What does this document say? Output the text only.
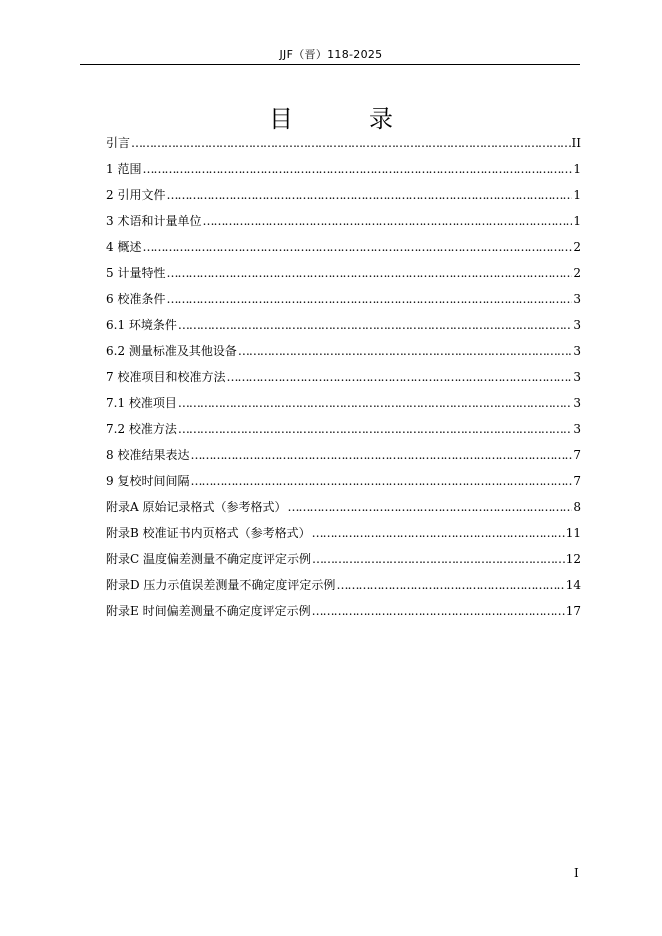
JJF（晋）118-2025
目　录
引言 ……………………………………………………………………………………………………………………………………………………………………	II
1 范围 ……………………………………………………………………………………………………………………………………………………………………	1
2 引用文件 ……………………………………………………………………………………………………………………………………………………………………	1
3 术语和计量单位 ……………………………………………………………………………………………………………………………………………………………………	1
4 概述 ……………………………………………………………………………………………………………………………………………………………………	2
5 计量特性 ……………………………………………………………………………………………………………………………………………………………………	2
6 校准条件 ……………………………………………………………………………………………………………………………………………………………………	3
6.1 环境条件 ……………………………………………………………………………………………………………………………………………………………………	3
6.2 测量标准及其他设备 ……………………………………………………………………………………………………………………………………………………………………	3
7 校准项目和校准方法 ……………………………………………………………………………………………………………………………………………………………………	3
7.1 校准项目 ……………………………………………………………………………………………………………………………………………………………………	3
7.2 校准方法 ……………………………………………………………………………………………………………………………………………………………………	3
8 校准结果表达 ……………………………………………………………………………………………………………………………………………………………………	7
9 复校时间间隔 ……………………………………………………………………………………………………………………………………………………………………	7
附录A 原始记录格式（参考格式） ……………………………………………………………………………………………………………………………………………………………………	8
附录B 校准证书内页格式（参考格式） ……………………………………………………………………………………………………………………………………………………………………	11
附录C 温度偏差测量不确定度评定示例 ……………………………………………………………………………………………………………………………………………………………………	12
附录D 压力示值误差测量不确定度评定示例 ……………………………………………………………………………………………………………………………………………………………………	14
附录E 时间偏差测量不确定度评定示例 ……………………………………………………………………………………………………………………………………………………………………	17
I
